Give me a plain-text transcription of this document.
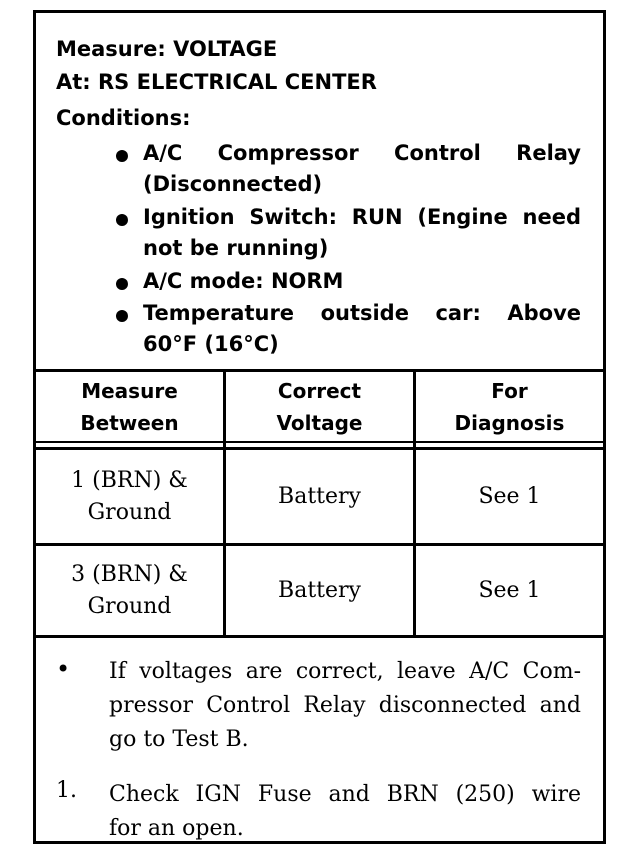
Measure: VOLTAGE
At: RS ELECTRICAL CENTER
Conditions:
A/C Compressor Control Relay
(Disconnected)
Ignition Switch: RUN (Engine need
not be running)
A/C mode: NORM
Temperature outside car: Above
60°F (16°C)
Measure
Between
Correct
Voltage
For
Diagnosis
1 (BRN) &
Ground
Battery	See 1
3 (BRN) &
Ground
Battery	See 1
• If voltages are correct, leave A/C Com-
pressor Control Relay disconnected and
go to Test B.
1. Check IGN Fuse and BRN (250) wire
for an open.
